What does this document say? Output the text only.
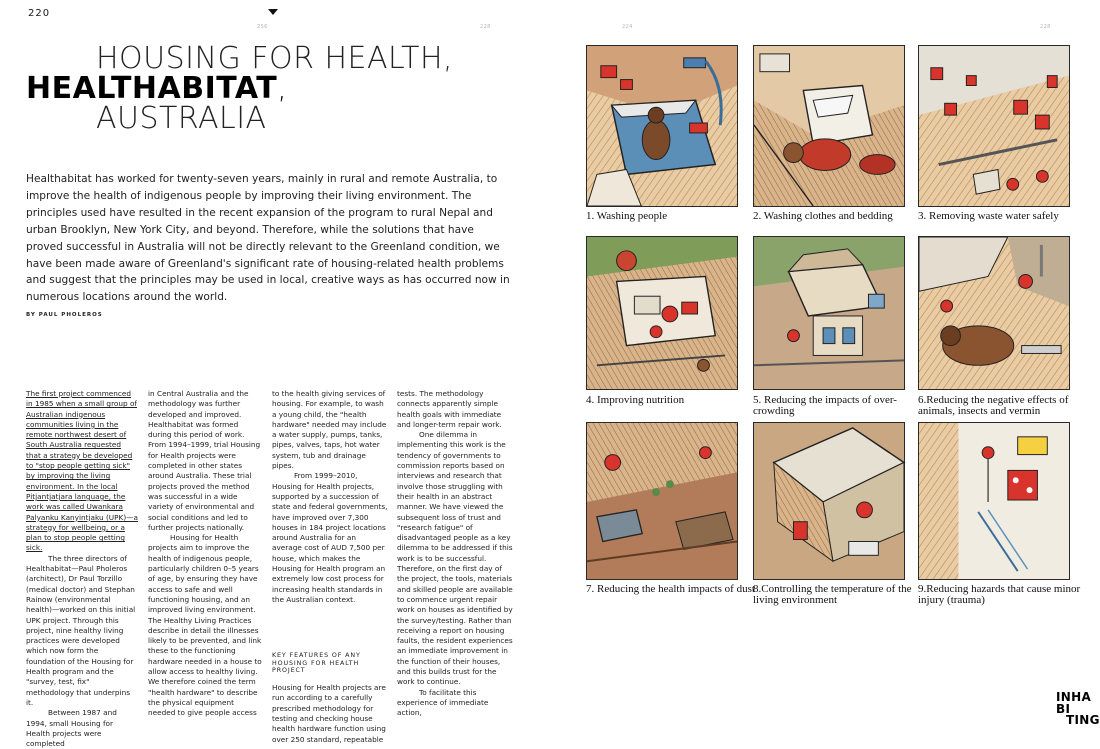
220
256	228	224	228
HOUSING FOR HEALTH,
HEALTHABITAT,
AUSTRALIA

Healthabitat has worked for twenty-seven years, mainly in rural and remote Australia, to improve the health of indigenous people by improving their living environment. The principles used have resulted in the recent expansion of the program to rural Nepal and urban Brooklyn, New York City, and beyond. Therefore, while the solutions that have proved successful in Australia will not be directly relevant to the Greenland condition, we have been made aware of Greenland's significant rate of housing-related health problems and suggest that the principles may be used in local, creative ways as has occurred now in numerous locations around the world.

BY PAUL PHOLEROS

The first project commenced in 1985 when a small group of Australian indigenous communities living in the remote northwest desert of South Australia requested that a strategy be developed to "stop people getting sick" by improving the living environment. In the local Pitjantjatjara language, the work was called Uwankara Palyanku Kanyintjaku (UPK)—a strategy for wellbeing, or a plan to stop people getting sick.

The three directors of Healthabitat—Paul Pholeros (architect), Dr Paul Torzillo (medical doctor) and Stephan Rainow (environmental health)—worked on this initial UPK project. Through this project, nine healthy living practices were developed which now form the foundation of the Housing for Health program and the "survey, test, fix" methodology that underpins it.

Between 1987 and 1994, small Housing for Health projects were completed

in Central Australia and the methodology was further developed and improved. Healthabitat was formed during this period of work. From 1994–1999, trial Housing for Health projects were completed in other states around Australia. These trial projects proved the method was successful in a wide variety of environmental and social conditions and led to further projects nationally.

Housing for Health projects aim to improve the health of indigenous people, particularly children 0–5 years of age, by ensuring they have access to safe and well functioning housing, and an improved living environment. The Healthy Living Practices describe in detail the illnesses likely to be prevented, and link these to the functioning hardware needed in a house to allow access to healthy living. We therefore coined the term "health hardware" to describe the physical equipment needed to give people access

to the health giving services of housing. For example, to wash a young child, the "health hardware" needed may include a water supply, pumps, tanks, pipes, valves, taps, hot water system, tub and drainage pipes.

From 1999–2010, Housing for Health projects, supported by a succession of state and federal governments, have improved over 7,300 houses in 184 project locations around Australia for an average cost of AUD 7,500 per house, which makes the Housing for Health program an extremely low cost process for increasing health standards in the Australian context.

KEY FEATURES OF ANY HOUSING FOR HEALTH PROJECT

Housing for Health projects are run according to a carefully prescribed methodology for testing and checking house health hardware function using over 250 standard, repeatable

tests. The methodology connects apparently simple health goals with immediate and longer-term repair work.

One dilemma in implementing this work is the tendency of governments to commission reports based on interviews and research that involve those struggling with their health in an abstract manner. We have viewed the subsequent loss of trust and "research fatigue" of disadvantaged people as a key dilemma to be addressed if this work is to be successful. Therefore, on the first day of the project, the tools, materials and skilled people are available to commence urgent repair work on houses as identified by the survey/testing. Rather than receiving a report on housing faults, the resident experiences an immediate improvement in the function of their houses, and this builds trust for the work to continue.

To facilitate this experience of immediate action,

1. Washing people	2. Washing clothes and bedding	3. Removing waste water safely
4. Improving nutrition	5. Reducing the impacts of over-crowding
6.Reducing the negative effects of animals, insects and vermin
7. Reducing the health impacts of dust
8.Controlling the temperature of the living environment
9.Reducing hazards that cause minor injury (trauma)
INHA
BI
TING
